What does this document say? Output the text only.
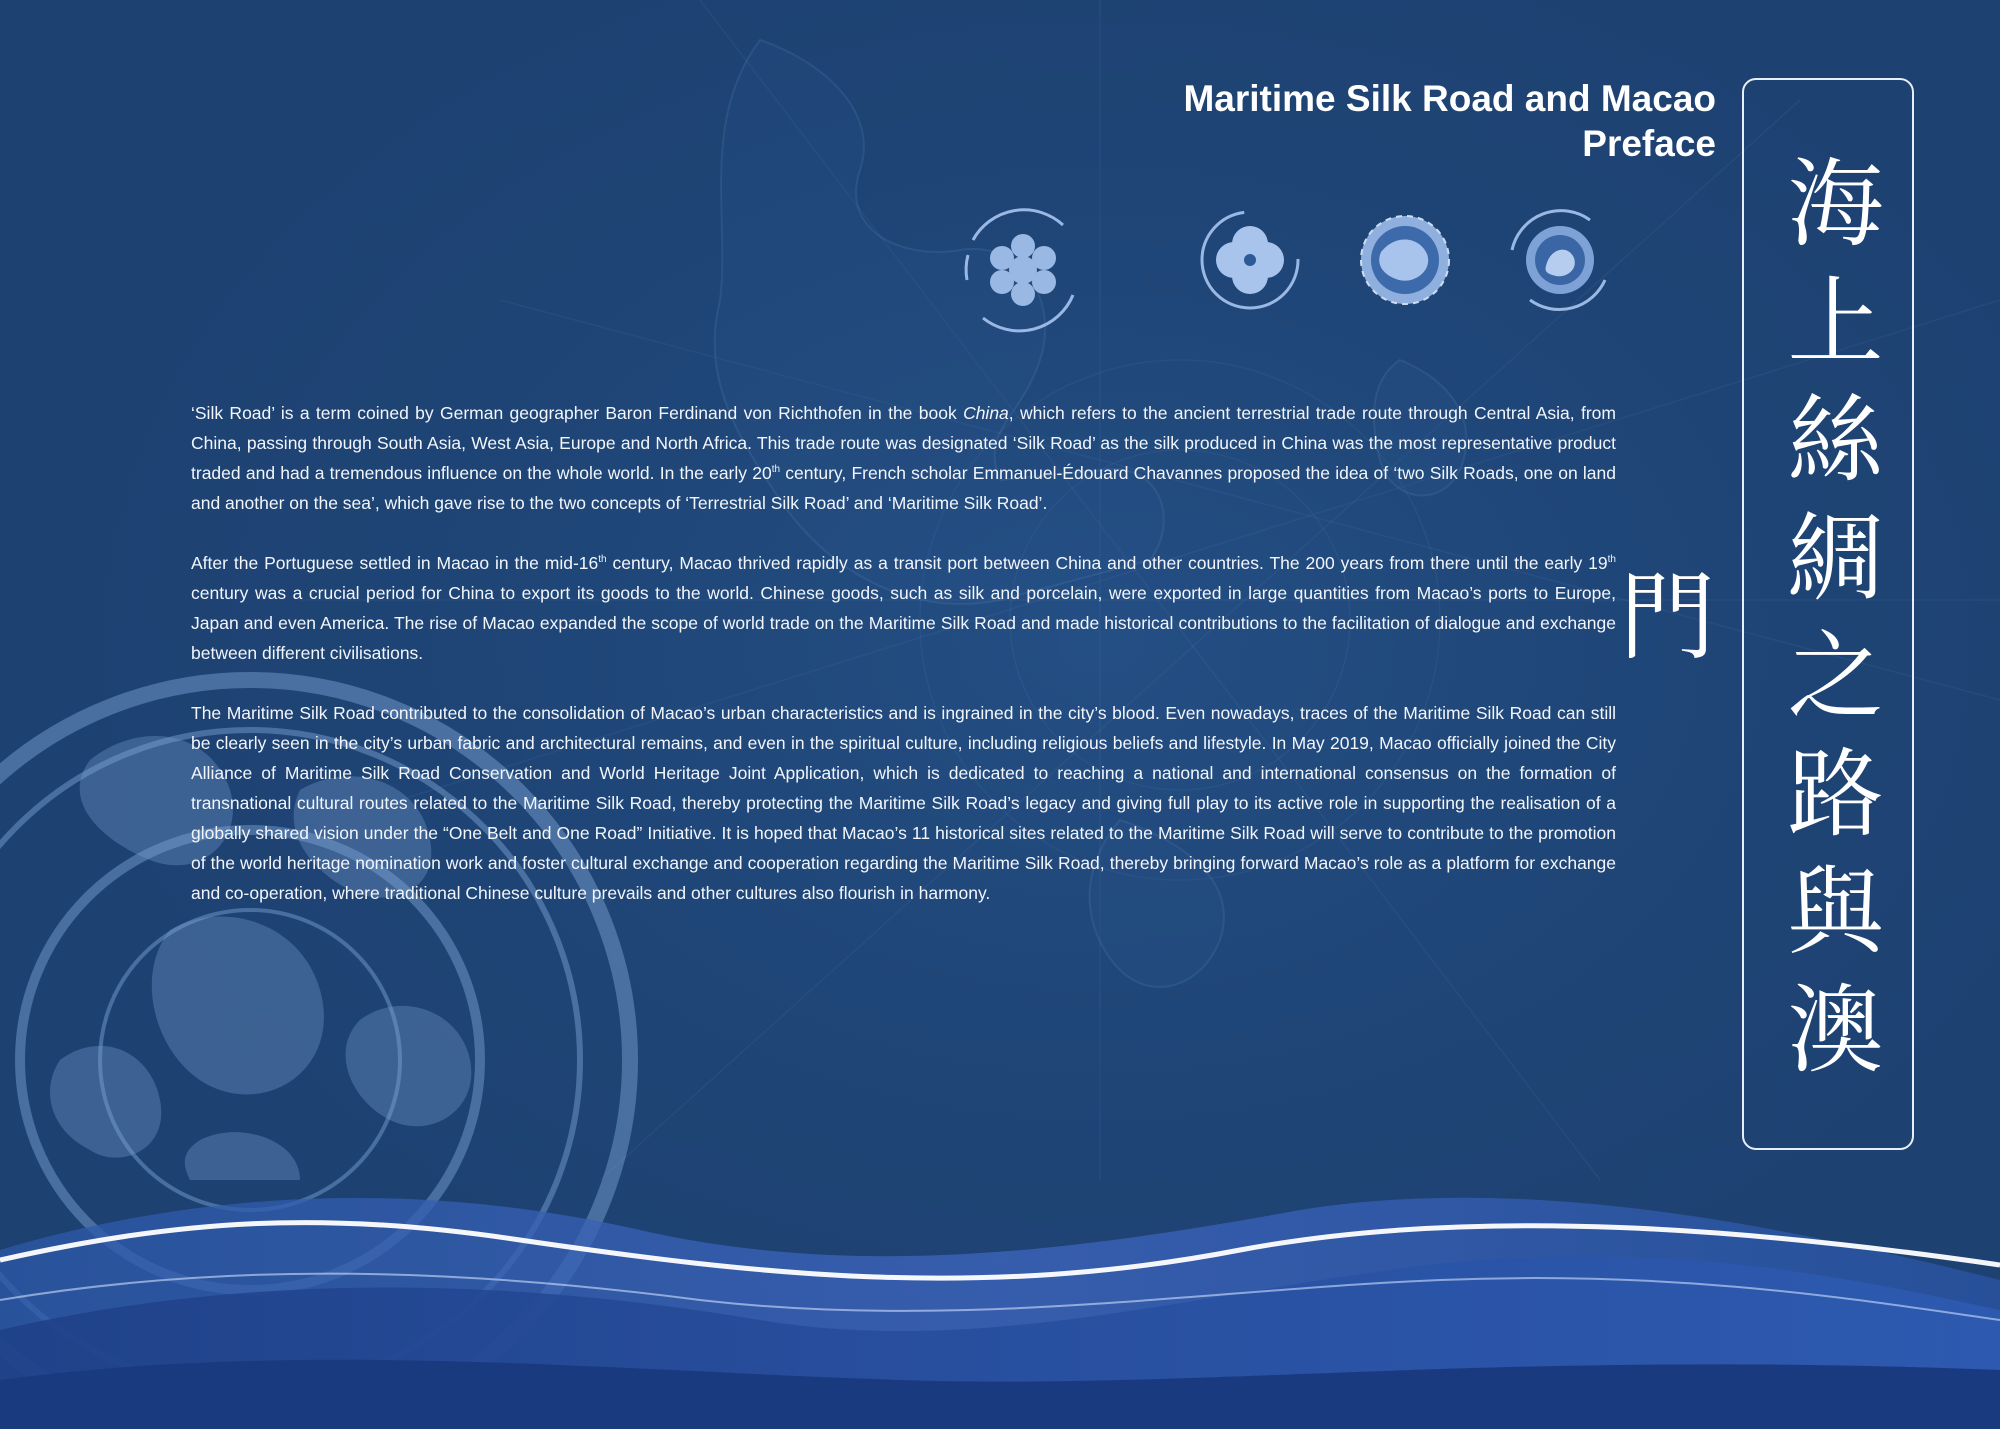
Maritime Silk Road and Macao
Preface
海上絲綢之路與澳門

‘Silk Road’ is a term coined by German geographer Baron Ferdinand von Richthofen in the book China, which refers to the ancient terrestrial trade route through Central Asia, from China, passing through South Asia, West Asia, Europe and North Africa. This trade route was designated ‘Silk Road’ as the silk produced in China was the most representative product traded and had a tremendous influence on the whole world. In the early 20th century, French scholar Emmanuel-Édouard Chavannes proposed the idea of ‘two Silk Roads, one on land and another on the sea’, which gave rise to the two concepts of ‘Terrestrial Silk Road’ and ‘Maritime Silk Road’.

After the Portuguese settled in Macao in the mid-16th century, Macao thrived rapidly as a transit port between China and other countries. The 200 years from there until the early 19th century was a crucial period for China to export its goods to the world. Chinese goods, such as silk and porcelain, were exported in large quantities from Macao’s ports to Europe, Japan and even America. The rise of Macao expanded the scope of world trade on the Maritime Silk Road and made historical contributions to the facilitation of dialogue and exchange between different civilisations.

The Maritime Silk Road contributed to the consolidation of Macao’s urban characteristics and is ingrained in the city’s blood. Even nowadays, traces of the Maritime Silk Road can still be clearly seen in the city’s urban fabric and architectural remains, and even in the spiritual culture, including religious beliefs and lifestyle. In May 2019, Macao officially joined the City Alliance of Maritime Silk Road Conservation and World Heritage Joint Application, which is dedicated to reaching a national and international consensus on the formation of transnational cultural routes related to the Maritime Silk Road, thereby protecting the Maritime Silk Road’s legacy and giving full play to its active role in supporting the realisation of a globally shared vision under the “One Belt and One Road” Initiative. It is hoped that Macao’s 11 historical sites related to the Maritime Silk Road will serve to contribute to the promotion of the world heritage nomination work and foster cultural exchange and cooperation regarding the Maritime Silk Road, thereby bringing forward Macao’s role as a platform for exchange and co-operation, where traditional Chinese culture prevails and other cultures also flourish in harmony.
